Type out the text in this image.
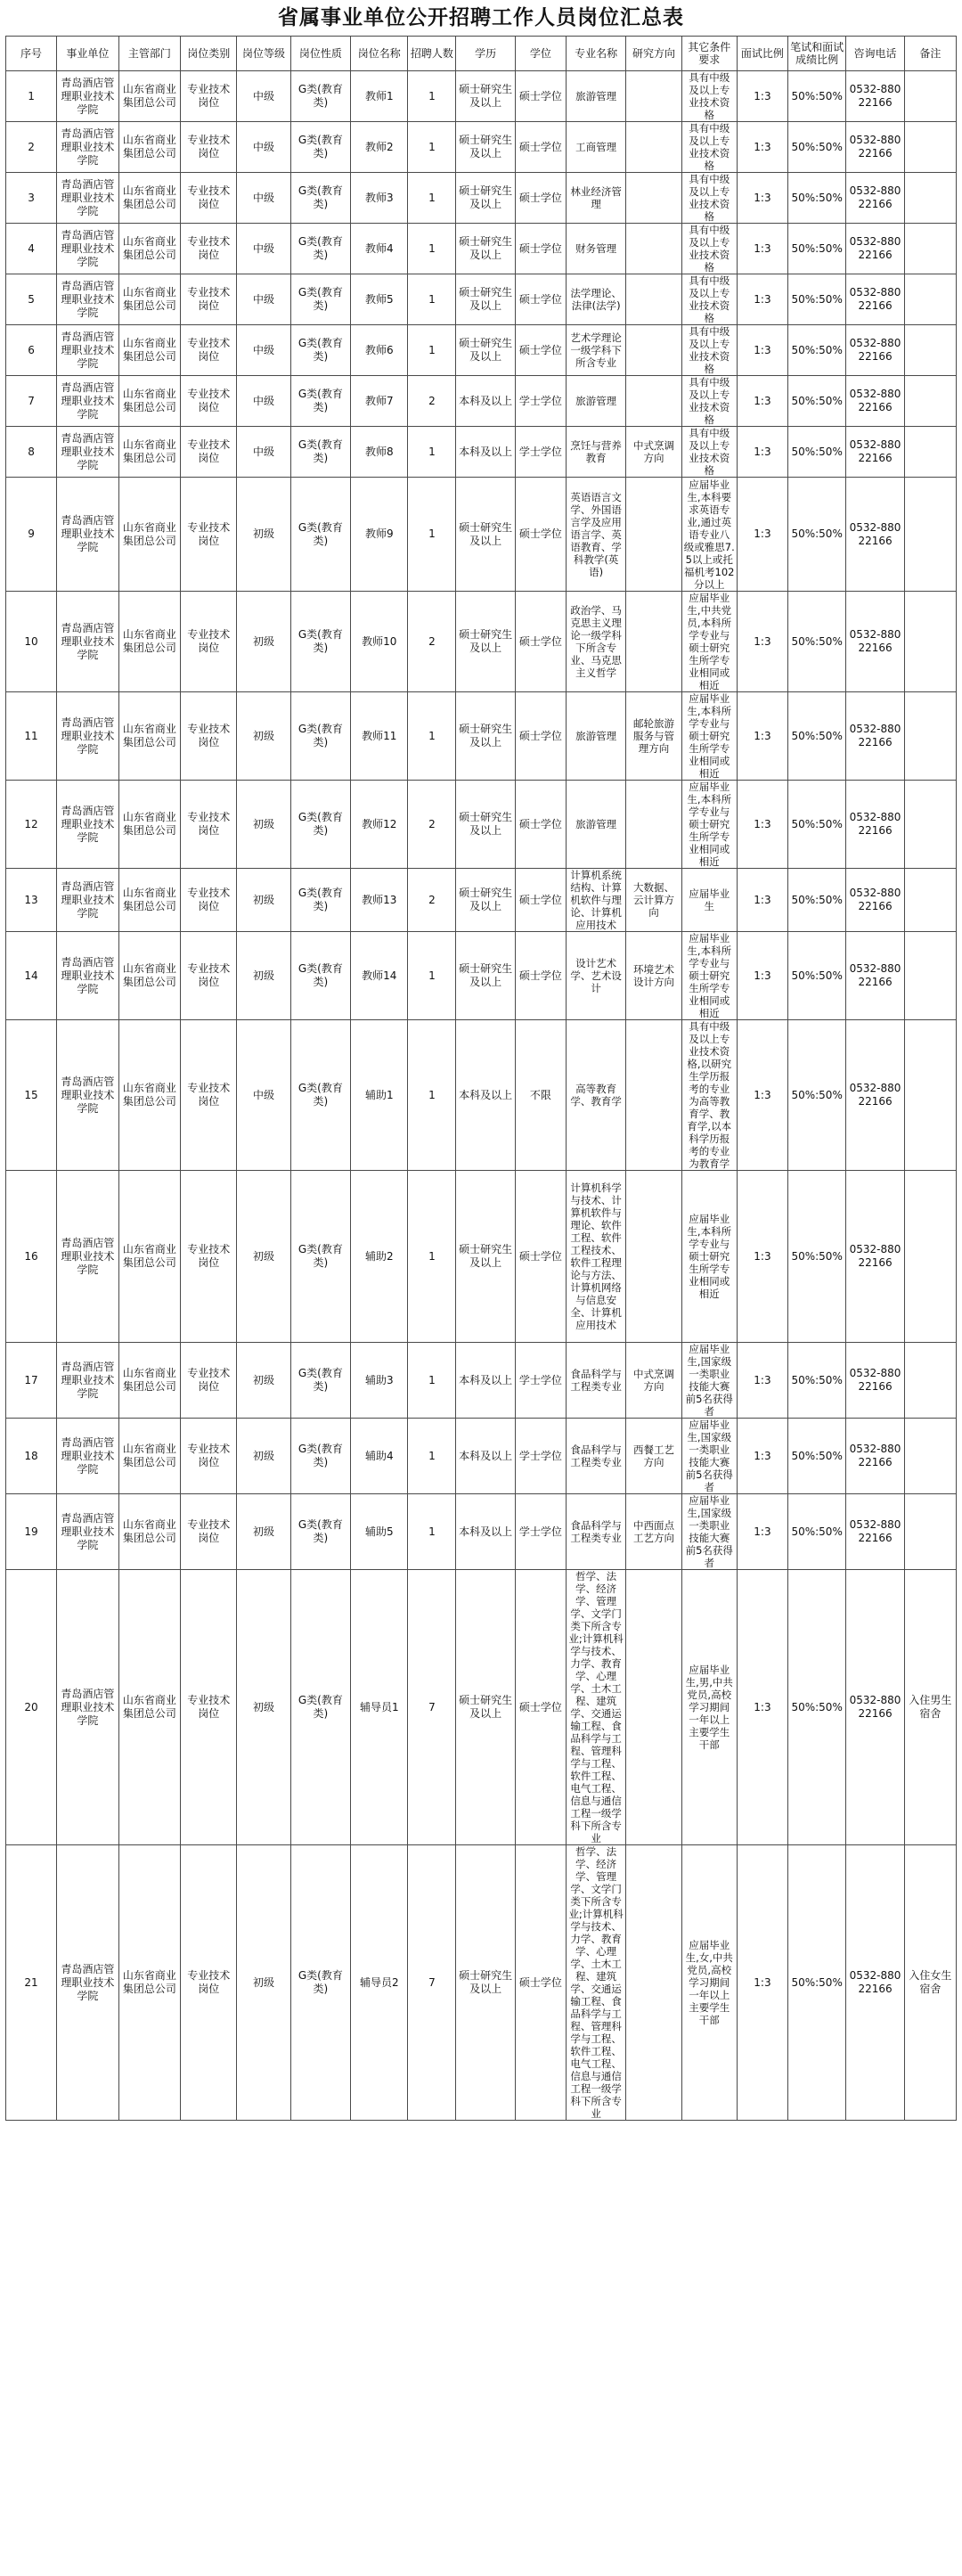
省属事业单位公开招聘工作人员岗位汇总表
序号	事业单位	主管部门	岗位类别	岗位等级	岗位性质	岗位名称	招聘人数	学历	学位	专业名称	研究方向	其它条件要求	面试比例	笔试和面试成绩比例	咨询电话	备注
1	青岛酒店管理职业技术学院	山东省商业集团总公司	专业技术岗位	中级	G类(教育类)	教师1	1	硕士研究生及以上	硕士学位	旅游管理		具有中级及以上专业技术资格	1:3	50%:50%	0532-88022166	
2	青岛酒店管理职业技术学院	山东省商业集团总公司	专业技术岗位	中级	G类(教育类)	教师2	1	硕士研究生及以上	硕士学位	工商管理		具有中级及以上专业技术资格	1:3	50%:50%	0532-88022166	
3	青岛酒店管理职业技术学院	山东省商业集团总公司	专业技术岗位	中级	G类(教育类)	教师3	1	硕士研究生及以上	硕士学位	林业经济管理		具有中级及以上专业技术资格	1:3	50%:50%	0532-88022166	
4	青岛酒店管理职业技术学院	山东省商业集团总公司	专业技术岗位	中级	G类(教育类)	教师4	1	硕士研究生及以上	硕士学位	财务管理		具有中级及以上专业技术资格	1:3	50%:50%	0532-88022166	
5	青岛酒店管理职业技术学院	山东省商业集团总公司	专业技术岗位	中级	G类(教育类)	教师5	1	硕士研究生及以上	硕士学位	法学理论、法律(法学)		具有中级及以上专业技术资格	1:3	50%:50%	0532-88022166	
6	青岛酒店管理职业技术学院	山东省商业集团总公司	专业技术岗位	中级	G类(教育类)	教师6	1	硕士研究生及以上	硕士学位	艺术学理论一级学科下所含专业		具有中级及以上专业技术资格	1:3	50%:50%	0532-88022166	
7	青岛酒店管理职业技术学院	山东省商业集团总公司	专业技术岗位	中级	G类(教育类)	教师7	2	本科及以上	学士学位	旅游管理		具有中级及以上专业技术资格	1:3	50%:50%	0532-88022166	
8	青岛酒店管理职业技术学院	山东省商业集团总公司	专业技术岗位	中级	G类(教育类)	教师8	1	本科及以上	学士学位	烹饪与营养教育	中式烹调方向	具有中级及以上专业技术资格	1:3	50%:50%	0532-88022166	
9	青岛酒店管理职业技术学院	山东省商业集团总公司	专业技术岗位	初级	G类(教育类)	教师9	1	硕士研究生及以上	硕士学位	英语语言文学、外国语言学及应用语言学、英语教育、学科教学(英语)		应届毕业生,本科要求英语专业,通过英语专业八级或雅思7.5以上或托福机考102分以上	1:3	50%:50%	0532-88022166	
10	青岛酒店管理职业技术学院	山东省商业集团总公司	专业技术岗位	初级	G类(教育类)	教师10	2	硕士研究生及以上	硕士学位	政治学、马克思主义理论一级学科下所含专业、马克思主义哲学		应届毕业生,中共党员,本科所学专业与硕士研究生所学专业相同或相近	1:3	50%:50%	0532-88022166	
11	青岛酒店管理职业技术学院	山东省商业集团总公司	专业技术岗位	初级	G类(教育类)	教师11	1	硕士研究生及以上	硕士学位	旅游管理	邮轮旅游服务与管理方向	应届毕业生,本科所学专业与硕士研究生所学专业相同或相近	1:3	50%:50%	0532-88022166	
12	青岛酒店管理职业技术学院	山东省商业集团总公司	专业技术岗位	初级	G类(教育类)	教师12	2	硕士研究生及以上	硕士学位	旅游管理		应届毕业生,本科所学专业与硕士研究生所学专业相同或相近	1:3	50%:50%	0532-88022166	
13	青岛酒店管理职业技术学院	山东省商业集团总公司	专业技术岗位	初级	G类(教育类)	教师13	2	硕士研究生及以上	硕士学位	计算机系统结构、计算机软件与理论、计算机应用技术	大数据、云计算方向	应届毕业生	1:3	50%:50%	0532-88022166	
14	青岛酒店管理职业技术学院	山东省商业集团总公司	专业技术岗位	初级	G类(教育类)	教师14	1	硕士研究生及以上	硕士学位	设计艺术学、艺术设计	环境艺术设计方向	应届毕业生,本科所学专业与硕士研究生所学专业相同或相近	1:3	50%:50%	0532-88022166	
15	青岛酒店管理职业技术学院	山东省商业集团总公司	专业技术岗位	中级	G类(教育类)	辅助1	1	本科及以上	不限	高等教育学、教育学		具有中级及以上专业技术资格,以研究生学历报考的专业为高等教育学、教育学,以本科学历报考的专业为教育学	1:3	50%:50%	0532-88022166	
16	青岛酒店管理职业技术学院	山东省商业集团总公司	专业技术岗位	初级	G类(教育类)	辅助2	1	硕士研究生及以上	硕士学位	计算机科学与技术、计算机软件与理论、软件工程、软件工程技术、软件工程理论与方法、计算机网络与信息安全、计算机应用技术		应届毕业生,本科所学专业与硕士研究生所学专业相同或相近	1:3	50%:50%	0532-88022166	
17	青岛酒店管理职业技术学院	山东省商业集团总公司	专业技术岗位	初级	G类(教育类)	辅助3	1	本科及以上	学士学位	食品科学与工程类专业	中式烹调方向	应届毕业生,国家级一类职业技能大赛前5名获得者	1:3	50%:50%	0532-88022166	
18	青岛酒店管理职业技术学院	山东省商业集团总公司	专业技术岗位	初级	G类(教育类)	辅助4	1	本科及以上	学士学位	食品科学与工程类专业	西餐工艺方向	应届毕业生,国家级一类职业技能大赛前5名获得者	1:3	50%:50%	0532-88022166	
19	青岛酒店管理职业技术学院	山东省商业集团总公司	专业技术岗位	初级	G类(教育类)	辅助5	1	本科及以上	学士学位	食品科学与工程类专业	中西面点工艺方向	应届毕业生,国家级一类职业技能大赛前5名获得者	1:3	50%:50%	0532-88022166	
20	青岛酒店管理职业技术学院	山东省商业集团总公司	专业技术岗位	初级	G类(教育类)	辅导员1	7	硕士研究生及以上	硕士学位	哲学、法学、经济学、管理学、文学门类下所含专业;计算机科学与技术、力学、教育学、心理学、土木工程、建筑学、交通运输工程、食品科学与工程、管理科学与工程、软件工程、电气工程、信息与通信工程一级学科下所含专业		应届毕业生,男,中共党员,高校学习期间一年以上主要学生干部	1:3	50%:50%	0532-88022166	入住男生宿舍
21	青岛酒店管理职业技术学院	山东省商业集团总公司	专业技术岗位	初级	G类(教育类)	辅导员2	7	硕士研究生及以上	硕士学位	哲学、法学、经济学、管理学、文学门类下所含专业;计算机科学与技术、力学、教育学、心理学、土木工程、建筑学、交通运输工程、食品科学与工程、管理科学与工程、软件工程、电气工程、信息与通信工程一级学科下所含专业		应届毕业生,女,中共党员,高校学习期间一年以上主要学生干部	1:3	50%:50%	0532-88022166	入住女生宿舍
